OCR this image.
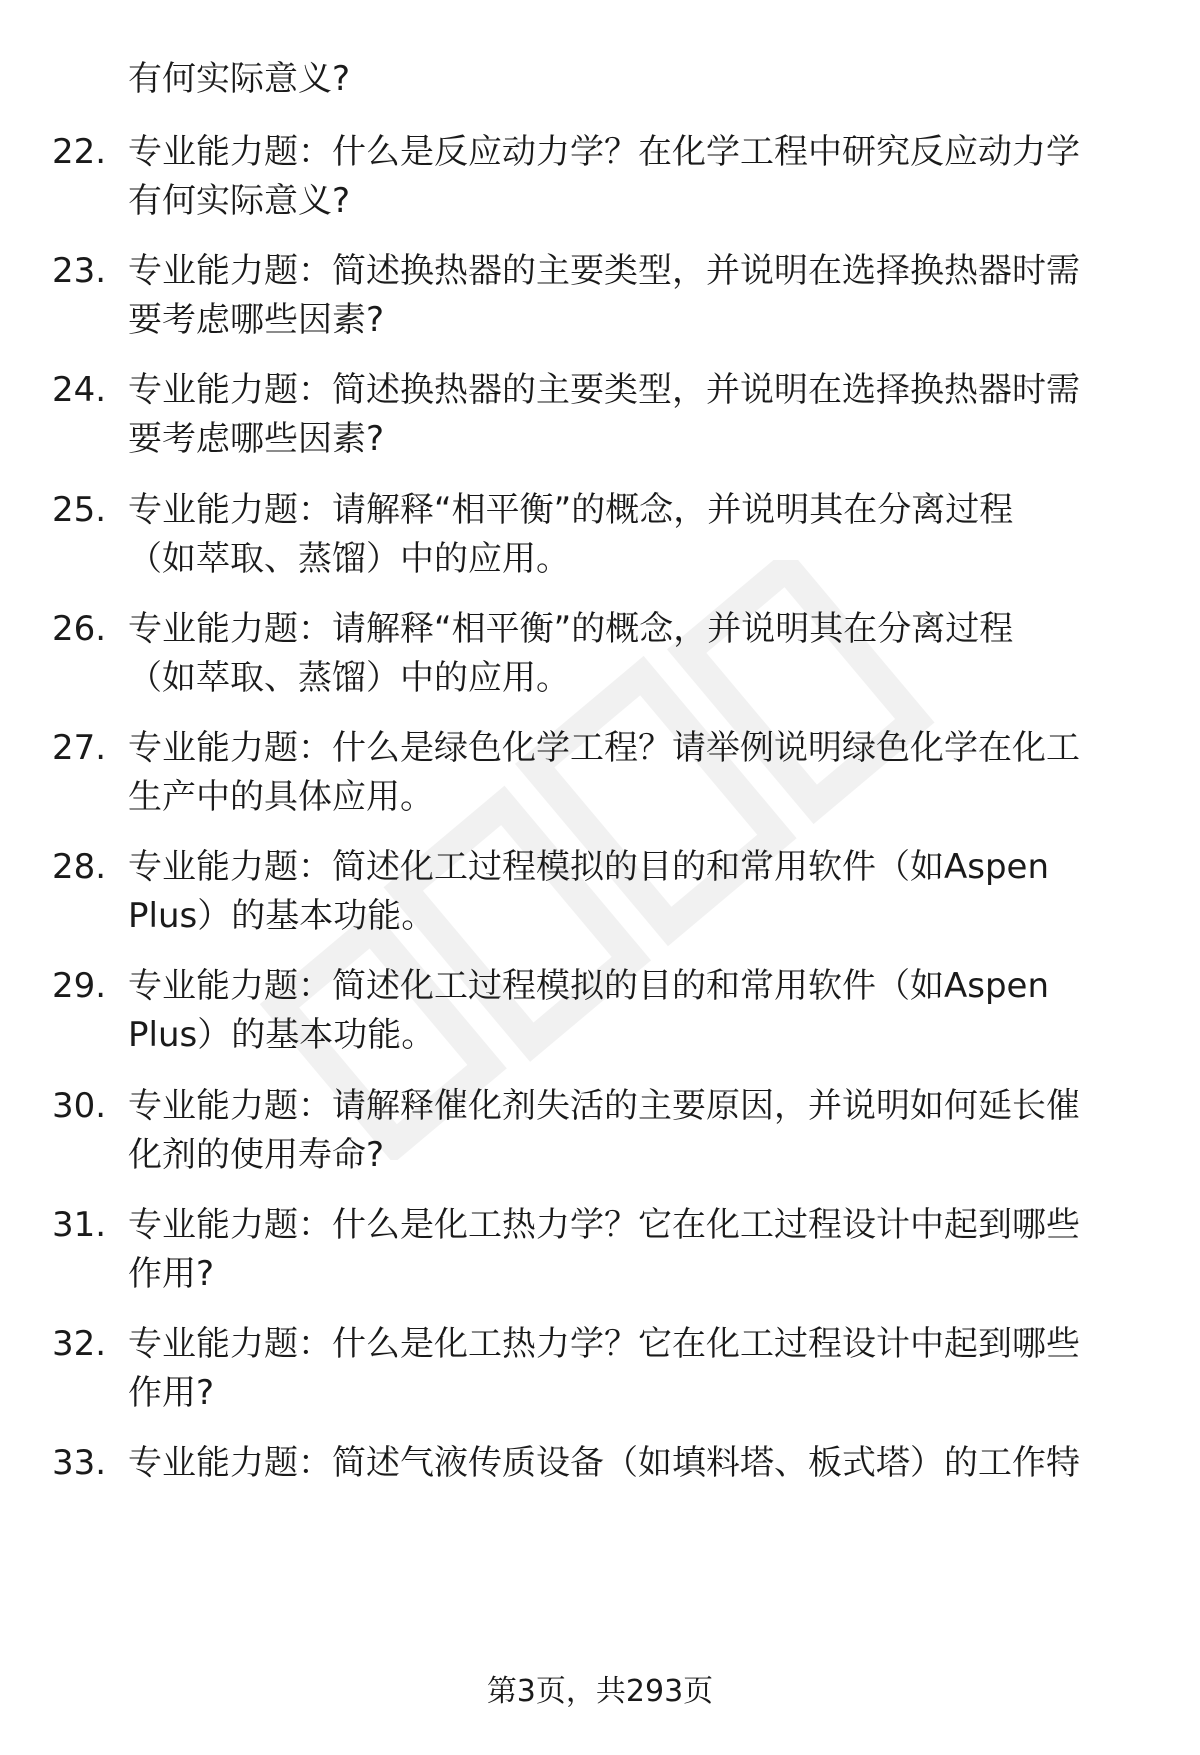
有何实际意义?
22. 专业能力题：什么是反应动力学？在化学工程中研究反应动力学
有何实际意义?
23. 专业能力题：简述换热器的主要类型，并说明在选择换热器时需
要考虑哪些因素?
24. 专业能力题：简述换热器的主要类型，并说明在选择换热器时需
要考虑哪些因素?
25. 专业能力题：请解释“相平衡”的概念，并说明其在分离过程
（如萃取、蒸馏）中的应用。
26. 专业能力题：请解释“相平衡”的概念，并说明其在分离过程
（如萃取、蒸馏）中的应用。
27. 专业能力题：什么是绿色化学工程？请举例说明绿色化学在化工
生产中的具体应用。
28. 专业能力题：简述化工过程模拟的目的和常用软件（如Aspen
Plus）的基本功能。
29. 专业能力题：简述化工过程模拟的目的和常用软件（如Aspen
Plus）的基本功能。
30. 专业能力题：请解释催化剂失活的主要原因，并说明如何延长催
化剂的使用寿命?
31. 专业能力题：什么是化工热力学？它在化工过程设计中起到哪些
作用?
32. 专业能力题：什么是化工热力学？它在化工过程设计中起到哪些
作用?
33. 专业能力题：简述气液传质设备（如填料塔、板式塔）的工作特
第3页，共293页
